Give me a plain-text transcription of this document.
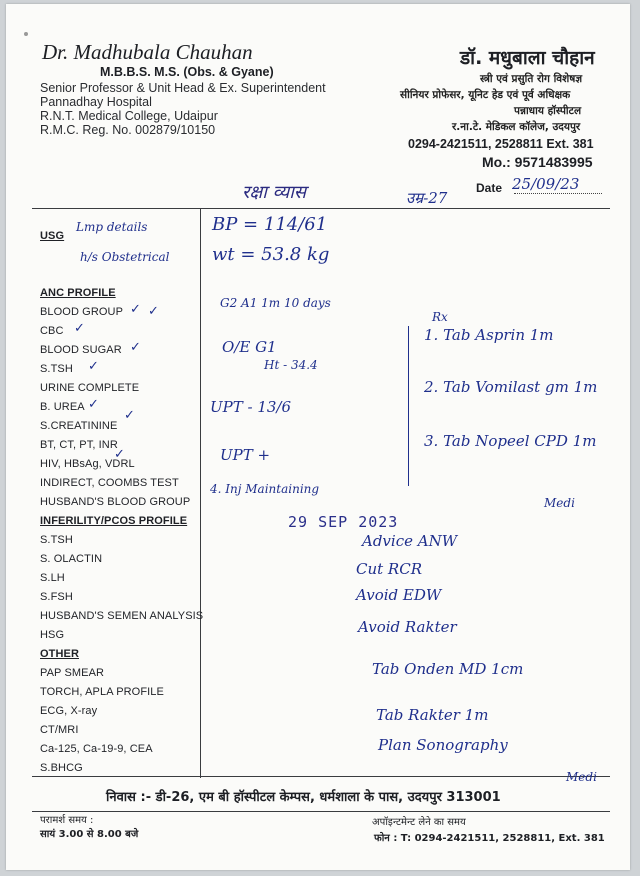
Dr. Madhubala Chauhan
M.B.B.S. M.S. (Obs. & Gyane)
Senior Professor & Unit Head & Ex. Superintendent
Pannadhay Hospital
R.N.T. Medical College, Udaipur
R.M.C. Reg. No. 002879/10150
डॉ. मधुबाला चौहान
स्त्री एवं प्रसुति रोग विशेषज्ञ
सीनियर प्रोफेसर, यूनिट हेड एवं पूर्व अधिक्षक
पन्नाधाय हॉस्पीटल
र.ना.टे. मेडिकल कॉलेज, उदयपुर
0294-2421511, 2528811 Ext. 381
Mo.: 9571483995
Date
रक्षा व्यास	उम्र-27
25/09/23
USG
Lmp details
h/s Obstetrical
ANC PROFILE
BLOOD GROUP
CBC
BLOOD SUGAR
S.TSH
URINE COMPLETE
B. UREA
S.CREATININE
BT, CT, PT, INR
HIV, HBsAg, VDRL
INDIRECT, COOMBS TEST
HUSBAND'S BLOOD GROUP
✓
✓
✓
✓
✓
✓
✓
✓
INFERILITY/PCOS PROFILE
S.TSH
S. OLACTIN
S.LH
S.FSH
HUSBAND'S SEMEN ANALYSIS
HSG
OTHER
PAP SMEAR
TORCH, APLA PROFILE
ECG, X-ray
CT/MRI
Ca-125, Ca-19-9, CEA
S.BHCG
BP = 114/61
wt = 53.8 kg
G2 A1 1m 10 days
O/E G1
Ht - 34.4
UPT - 13/6
UPT +
4. Inj Maintaining
Rx
1. Tab Asprin 1m
2. Tab Vomilast gm 1m
3. Tab Nopeel CPD 1m
Medi
29 SEP 2023
Advice ANW
Cut RCR
Avoid EDW
Avoid Rakter
Tab Onden MD 1cm
Tab Rakter 1m
Plan Sonography
Medi
निवास :- डी-26, एम बी हॉस्पीटल केम्पस, धर्मशाला के पास, उदयपुर 313001
परामर्श समय :
सायं 3.00 से 8.00 बजे
अपॉइन्टमेन्ट लेने का समय
फोन : T: 0294-2421511, 2528811, Ext. 381
